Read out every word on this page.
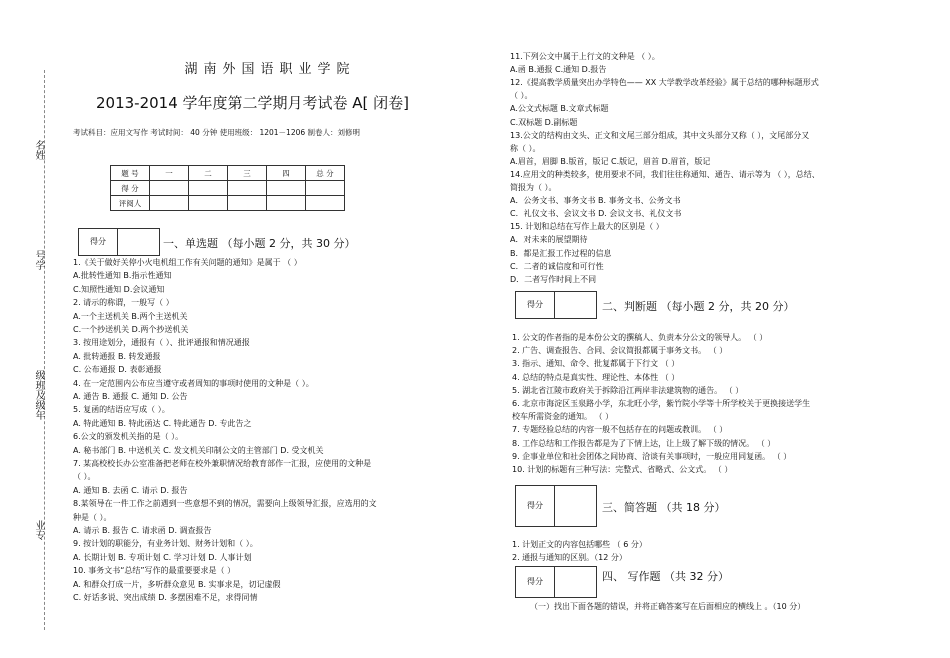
名姓
号学
级班及级年
业专
湖南外国语职业学院
2013-2014 学年度第二学期月考试卷 A[ 闭卷]
考试科目：应用文写作 考试时间： 40 分钟 使用班级： 1201－1206 制卷人：刘修明
题 号	一	二	三	四	总 分
得 分					
评阅人					
得分	一、单选题 （每小题 2 分，共 30 分）
1.《关于做好关停小火电机组工作有关问题的通知》是属于 （ ）
A.批转性通知 B.指示性通知
C.知照性通知 D.会议通知
2. 请示的称谓，一般写（ ）
A.一个主送机关 B.两个主送机关
C.一个抄送机关 D.两个抄送机关
3. 按用途划分，通报有（ ）、批评通报和情况通报
A. 批转通报 B. 转发通报
C. 公布通报 D. 表彰通报
4. 在一定范围内公布应当遵守或者周知的事项时使用的文种是（ ）。
A. 通告 B. 通报 C. 通知 D. 公告
5. 复函的结语应写成（ ）。
A. 特此通知 B. 特此函达 C. 特此通告 D. 专此告之
6.公文的颁发机关指的是（ ）。
A. 秘书部门 B. 中送机关 C. 发文机关印制公文的主管部门 D. 受文机关
7. 某高校校长办公室准备把老师在校外兼职情况给教育部作一汇报，应使用的文种是
（ ）。
A. 通知 B. 去函 C. 请示 D. 报告
8.某领导在一件工作之前遇到一些意想不到的情况，需要向上级领导汇报，应选用的文
种是（ ）。
A. 请示 B. 报告 C. 请求函 D. 调查报告
9. 按计划的职能分，有业务计划、财务计划和（ ）。
A. 长期计划 B. 专项计划 C. 学习计划 D. 人事计划
10. 事务文书“总结”写作的最重要要求是（ ）
A. 和群众打成一片，多听群众意见 B. 实事求是，切记虚假
C. 好话多说、突出成绩 D. 多摆困难不足，求得同情
11.下列公文中属于上行文的文种是 （ ）。
A.函 B.通报 C.通知 D.报告
12.《提高教学质量突出办学特色—— XX 大学教学改革经验》属于总结的哪种标题形式
（ ）。
A.公文式标题 B.文章式标题
C.双标题 D.副标题
13.公文的结构由文头、正文和文尾三部分组成，其中文头部分又称（ ），文尾部分又
称（ ）。
A.眉首，眉脚 B.版首，版记 C.版记，眉首 D.眉首，版记
14.应用文的种类较多，使用要求不同，我们往往称通知、通告、请示等为 （ ），总结、
简报为（ ）。
A．公务文书、事务文书 B. 事务文书、公务文书
C．礼仪文书、会议文书 D. 会议文书、礼仪文书
15. 计划和总结在写作上最大的区别是（ ）
A．对未来的展望期待
B．都是汇报工作过程的信息
C．二者的诚信度和可行性
D．二者写作时间上不同
得分	二、判断题 （每小题 2 分，共 20 分）
1. 公文的作者指的是本份公文的撰稿人、负责本分公文的领导人。 （ ）
2. 广告、调查报告、合同、会议简报都属于事务文书。 （ ）
3. 指示、通知、命令、批复都属于下行文 （ ）
4. 总结的特点是真实性、理论性、本体性 （ ）
5. 湖北省江陵市政府关于拆除沿江两岸非法建筑物的通告。 （ ）
6. 北京市海淀区玉泉路小学，东北旺小学，紫竹院小学等十所学校关于更换接送学生
校车所需资金的通知。 （ ）
7. 专题经验总结的内容一般不包括存在的问题或教训。 （ ）
8. 工作总结和工作报告都是为了下情上达，让上级了解下级的情况。 （ ）
9. 企事业单位和社会团体之间协商、洽谈有关事项时，一般应用同复函。 （ ）
10. 计划的标题有三种写法：完整式、省略式、公文式。 （ ）
得分	三、简答题 （共 18 分）
1. 计划正文的内容包括哪些 （ 6 分）
2. 通报与通知的区别。（12 分）
得分	四、 写作题 （共 32 分）
（一）找出下面各题的错误，并将正确答案写在后面相应的横线上 。（10 分）
